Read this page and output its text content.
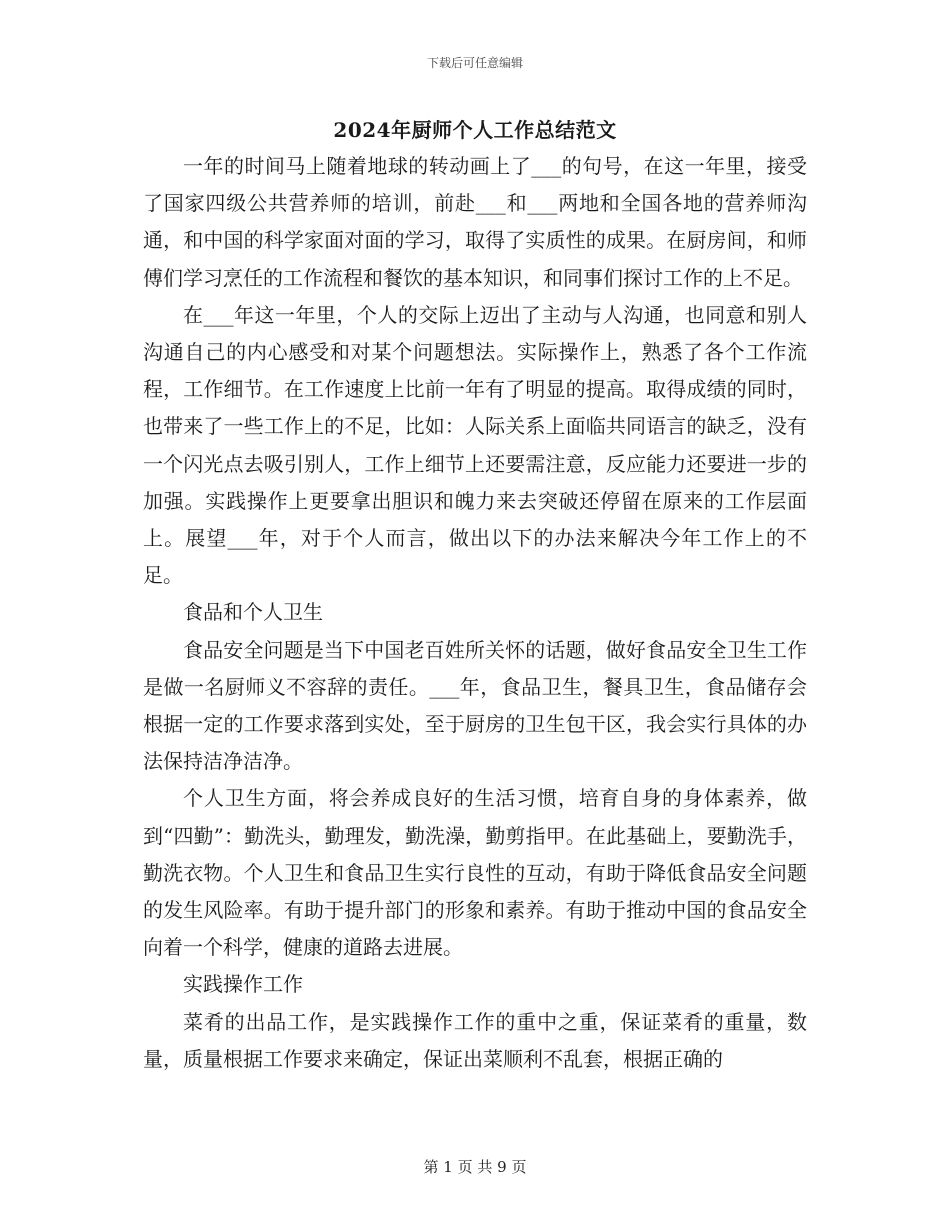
下载后可任意编辑
2024年厨师个人工作总结范文

一年的时间马上随着地球的转动画上了___的句号，在这一年里，接受了国家四级公共营养师的培训，前赴___和___两地和全国各地的营养师沟通，和中国的科学家面对面的学习，取得了实质性的成果。在厨房间，和师傅们学习烹任的工作流程和餐饮的基本知识，和同事们探讨工作的上不足。

在___年这一年里，个人的交际上迈出了主动与人沟通，也同意和别人沟通自己的内心感受和对某个问题想法。实际操作上，熟悉了各个工作流程，工作细节。在工作速度上比前一年有了明显的提高。取得成绩的同时，也带来了一些工作上的不足，比如：人际关系上面临共同语言的缺乏，没有一个闪光点去吸引别人，工作上细节上还要需注意，反应能力还要进一步的加强。实践操作上更要拿出胆识和魄力来去突破还停留在原来的工作层面上。展望___年，对于个人而言，做出以下的办法来解决今年工作上的不足。

食品和个人卫生

食品安全问题是当下中国老百姓所关怀的话题，做好食品安全卫生工作是做一名厨师义不容辞的责任。___年，食品卫生，餐具卫生，食品储存会根据一定的工作要求落到实处，至于厨房的卫生包干区，我会实行具体的办法保持洁净洁净。

个人卫生方面，将会养成良好的生活习惯，培育自身的身体素养，做到“四勤”：勤洗头，勤理发，勤洗澡，勤剪指甲。在此基础上，要勤洗手，勤洗衣物。个人卫生和食品卫生实行良性的互动，有助于降低食品安全问题的发生风险率。有助于提升部门的形象和素养。有助于推动中国的食品安全向着一个科学，健康的道路去进展。

实践操作工作

菜肴的出品工作，是实践操作工作的重中之重，保证菜肴的重量，数量，质量根据工作要求来确定，保证出菜顺利不乱套，根据正确的

第 1 页 共 9 页
